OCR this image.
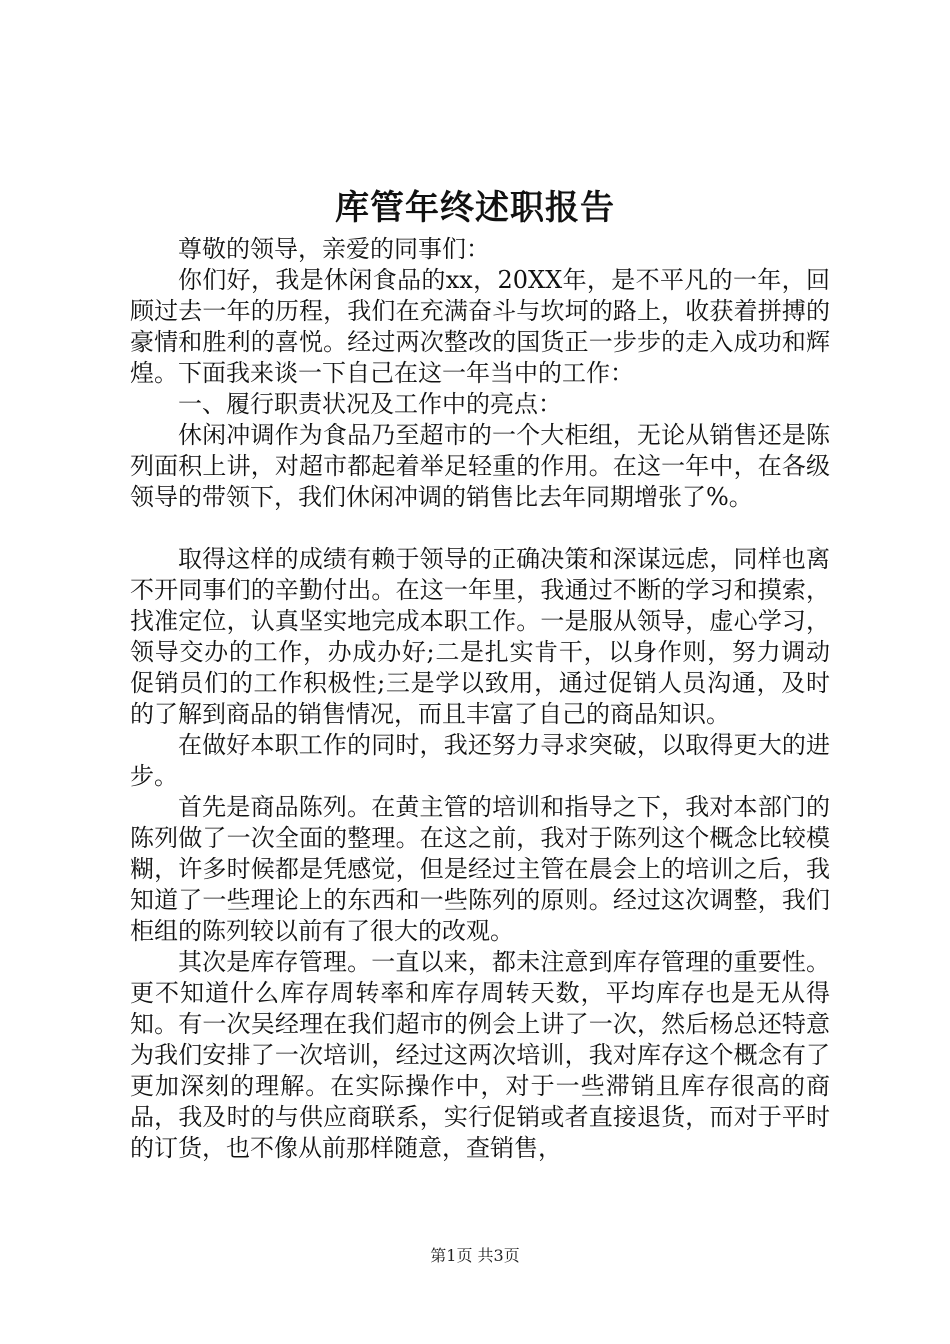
库管年终述职报告

尊敬的领导，亲爱的同事们：

你们好，我是休闲食品的xx，20XX年，是不平凡的一年，回顾过去一年的历程，我们在充满奋斗与坎坷的路上，收获着拼搏的豪情和胜利的喜悦。经过两次整改的国货正一步步的走入成功和辉煌。下面我来谈一下自己在这一年当中的工作：

一、履行职责状况及工作中的亮点：

休闲冲调作为食品乃至超市的一个大柜组，无论从销售还是陈列面积上讲，对超市都起着举足轻重的作用。在这一年中，在各级领导的带领下，我们休闲冲调的销售比去年同期增张了%。

取得这样的成绩有赖于领导的正确决策和深谋远虑，同样也离不开同事们的辛勤付出。在这一年里，我通过不断的学习和摸索，找准定位，认真坚实地完成本职工作。一是服从领导，虚心学习，领导交办的工作，办成办好;二是扎实肯干，以身作则，努力调动促销员们的工作积极性;三是学以致用，通过促销人员沟通，及时的了解到商品的销售情况，而且丰富了自己的商品知识。

在做好本职工作的同时，我还努力寻求突破，以取得更大的进步。

首先是商品陈列。在黄主管的培训和指导之下，我对本部门的陈列做了一次全面的整理。在这之前，我对于陈列这个概念比较模糊，许多时候都是凭感觉，但是经过主管在晨会上的培训之后，我知道了一些理论上的东西和一些陈列的原则。经过这次调整，我们柜组的陈列较以前有了很大的改观。

其次是库存管理。一直以来，都未注意到库存管理的重要性。更不知道什么库存周转率和库存周转天数，平均库存也是无从得知。有一次吴经理在我们超市的例会上讲了一次，然后杨总还特意为我们安排了一次培训，经过这两次培训，我对库存这个概念有了更加深刻的理解。在实际操作中，对于一些滞销且库存很高的商品，我及时的与供应商联系，实行促销或者直接退货，而对于平时的订货，也不像从前那样随意，查销售，

第1页 共3页
